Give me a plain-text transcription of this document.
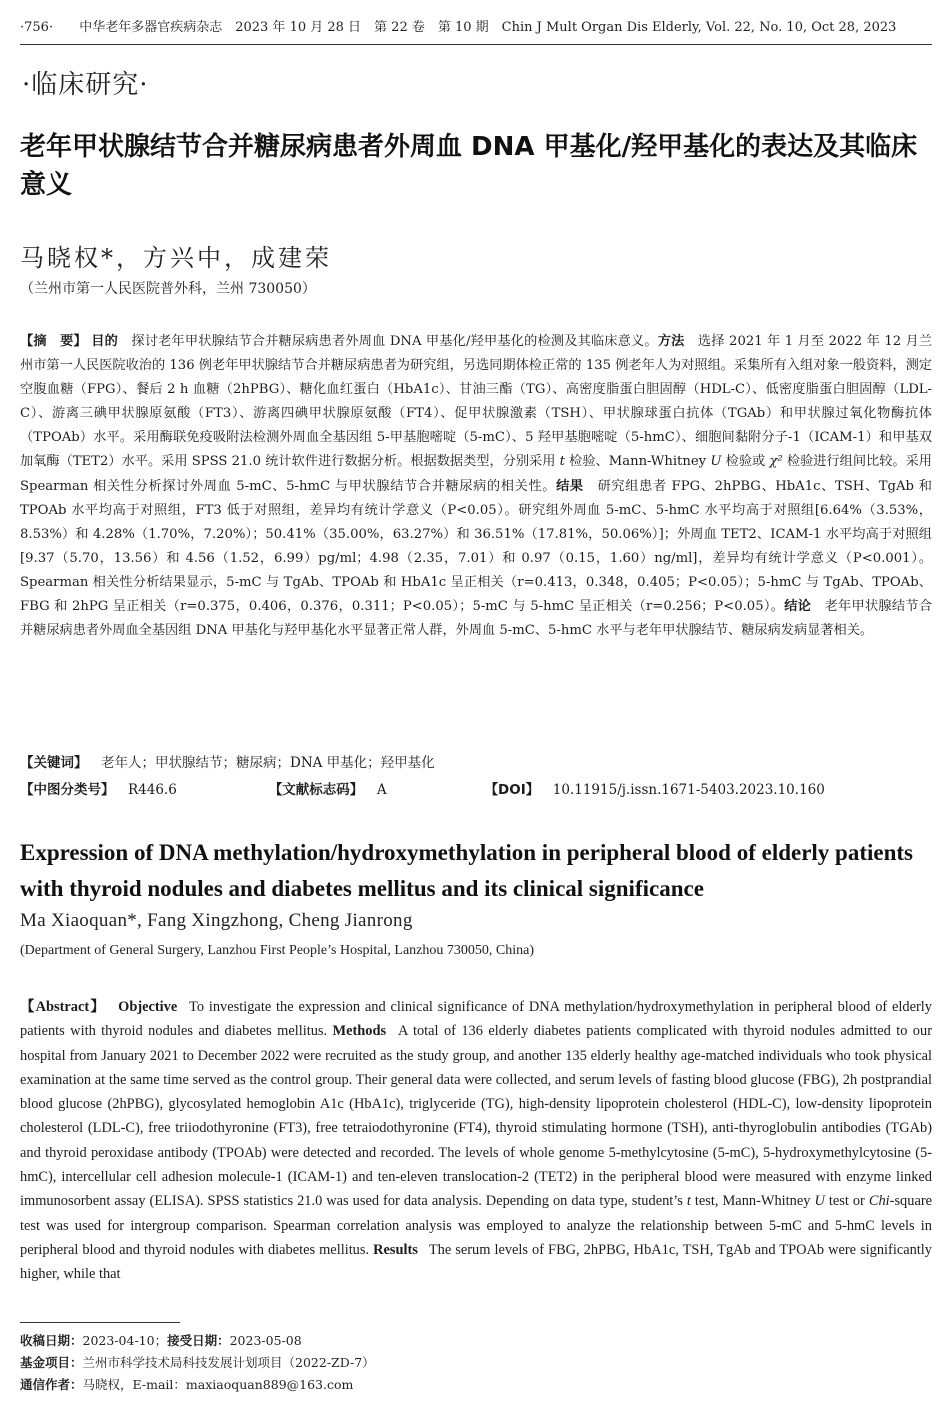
·756· 中华老年多器官疾病杂志　2023 年 10 月 28 日　第 22 卷　第 10 期　Chin J Mult Organ Dis Elderly, Vol. 22, No. 10, Oct 28, 2023
·临床研究·
老年甲状腺结节合并糖尿病患者外周血 DNA 甲基化/羟甲基化的表达及其临床意义
马晓权*，方兴中，成建荣
（兰州市第一人民医院普外科，兰州 730050）
【摘　要】 目的  探讨老年甲状腺结节合并糖尿病患者外周血 DNA 甲基化/羟甲基化的检测及其临床意义。方法  选择 2021 年 1 月至 2022 年 12 月兰州市第一人民医院收治的 136 例老年甲状腺结节合并糖尿病患者为研究组，另选同期体检正常的 135 例老年人为对照组。采集所有入组对象一般资料，测定空腹血糖（FPG）、餐后 2 h 血糖（2hPBG）、糖化血红蛋白（HbA1c）、甘油三酯（TG）、高密度脂蛋白胆固醇（HDL-C）、低密度脂蛋白胆固醇（LDL-C）、游离三碘甲状腺原氨酸（FT3）、游离四碘甲状腺原氨酸（FT4）、促甲状腺激素（TSH）、甲状腺球蛋白抗体（TGAb）和甲状腺过氧化物酶抗体（TPOAb）水平。采用酶联免疫吸附法检测外周血全基因组 5-甲基胞嘧啶（5-mC）、5 羟甲基胞嘧啶（5-hmC）、细胞间黏附分子-1（ICAM-1）和甲基双加氧酶（TET2）水平。采用 SPSS 21.0 统计软件进行数据分析。根据数据类型，分别采用 t 检验、Mann-Whitney U 检验或 χ² 检验进行组间比较。采用 Spearman 相关性分析探讨外周血 5-mC、5-hmC 与甲状腺结节合并糖尿病的相关性。结果  研究组患者 FPG、2hPBG、HbA1c、TSH、TgAb 和 TPOAb 水平均高于对照组，FT3 低于对照组，差异均有统计学意义（P<0.05）。研究组外周血 5-mC、5-hmC 水平均高于对照组[6.64%（3.53%，8.53%）和 4.28%（1.70%，7.20%）；50.41%（35.00%，63.27%）和 36.51%（17.81%，50.06%）]；外周血 TET2、ICAM-1 水平均高于对照组[9.37（5.70，13.56）和 4.56（1.52，6.99）pg/ml；4.98（2.35，7.01）和 0.97（0.15，1.60）ng/ml]，差异均有统计学意义（P<0.001）。Spearman 相关性分析结果显示，5-mC 与 TgAb、TPOAb 和 HbA1c 呈正相关（r=0.413，0.348，0.405；P<0.05）；5-hmC 与 TgAb、TPOAb、FBG 和 2hPG 呈正相关（r=0.375，0.406，0.376，0.311；P<0.05）；5-mC 与 5-hmC 呈正相关（r=0.256；P<0.05）。结论  老年甲状腺结节合并糖尿病患者外周血全基因组 DNA 甲基化与羟甲基化水平显著正常人群，外周血 5-mC、5-hmC 水平与老年甲状腺结节、糖尿病发病显著相关。
【关键词】  老年人；甲状腺结节；糖尿病；DNA 甲基化；羟甲基化
【中图分类号】  R446.6	【文献标志码】  A	【DOI】  10.11915/j.issn.1671-5403.2023.10.160
Expression of DNA methylation/hydroxymethylation in peripheral blood of elderly patients with thyroid nodules and diabetes mellitus and its clinical significance
Ma Xiaoquan*, Fang Xingzhong, Cheng Jianrong
(Department of General Surgery, Lanzhou First People’s Hospital, Lanzhou 730050, China)
【Abstract】  Objective  To investigate the expression and clinical significance of DNA methylation/hydroxymethylation in peripheral blood of elderly patients with thyroid nodules and diabetes mellitus. Methods  A total of 136 elderly diabetes patients complicated with thyroid nodules admitted to our hospital from January 2021 to December 2022 were recruited as the study group, and another 135 elderly healthy age-matched individuals who took physical examination at the same time served as the control group. Their general data were collected, and serum levels of fasting blood glucose (FBG), 2h postprandial blood glucose (2hPBG), glycosylated hemoglobin A1c (HbA1c), triglyceride (TG), high-density lipoprotein cholesterol (HDL-C), low-density lipoprotein cholesterol (LDL-C), free triiodothyronine (FT3), free tetraiodothyronine (FT4), thyroid stimulating hormone (TSH), anti-thyroglobulin antibodies (TGAb) and thyroid peroxidase antibody (TPOAb) were detected and recorded. The levels of whole genome 5-methylcytosine (5-mC), 5-hydroxymethylcytosine (5-hmC), intercellular cell adhesion molecule-1 (ICAM-1) and ten-eleven translocation-2 (TET2) in the peripheral blood were measured with enzyme linked immunosorbent assay (ELISA). SPSS statistics 21.0 was used for data analysis. Depending on data type, student’s t test, Mann-Whitney U test or Chi-square test was used for intergroup comparison. Spearman correlation analysis was employed to analyze the relationship between 5-mC and 5-hmC levels in peripheral blood and thyroid nodules with diabetes mellitus. Results  The serum levels of FBG, 2hPBG, HbA1c, TSH, TgAb and TPOAb were significantly higher, while that
收稿日期：2023-04-10；接受日期：2023-05-08
基金项目：兰州市科学技术局科技发展计划项目（2022-ZD-7）
通信作者：马晓权，E-mail：maxiaoquan889@163.com
